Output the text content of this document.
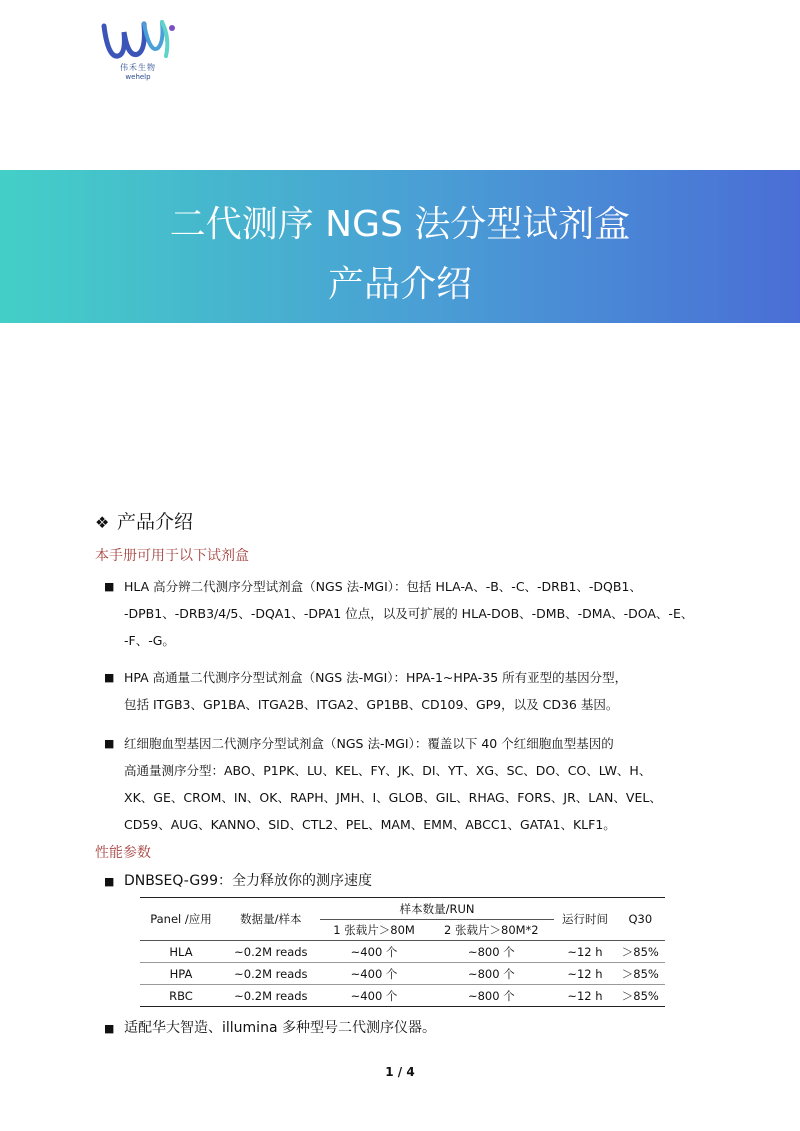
伟禾生物
wehelp
二代测序 NGS 法分型试剂盒
产品介绍
❖ 产品介绍
本手册可用于以下试剂盒
■ HLA 高分辨二代测序分型试剂盒（NGS 法-MGI）：包括 HLA-A、-B、-C、-DRB1、-DQB1、
-DPB1、-DRB3/4/5、-DQA1、-DPA1 位点，以及可扩展的 HLA-DOB、-DMB、-DMA、-DOA、-E、
-F、-G。
■ HPA 高通量二代测序分型试剂盒（NGS 法-MGI）：HPA-1~HPA-35 所有亚型的基因分型，
包括 ITGB3、GP1BA、ITGA2B、ITGA2、GP1BB、CD109、GP9，以及 CD36 基因。
■ 红细胞血型基因二代测序分型试剂盒（NGS 法-MGI）：覆盖以下 40 个红细胞血型基因的
高通量测序分型：ABO、P1PK、LU、KEL、FY、JK、DI、YT、XG、SC、DO、CO、LW、H、
XK、GE、CROM、IN、OK、RAPH、JMH、I、GLOB、GIL、RHAG、FORS、JR、LAN、VEL、
CD59、AUG、KANNO、SID、CTL2、PEL、MAM、EMM、ABCC1、GATA1、KLF1。
性能参数
■ DNBSEQ-G99：全力释放你的测序速度
Panel /应用	数据量/样本	样本数量/RUN		运行时间	Q30
		1 张载片＞80M	2 张载片＞80M*2		
HLA	~0.2M reads	~400 个	~800 个	~12 h	＞85%
HPA	~0.2M reads	~400 个	~800 个	~12 h	＞85%
RBC	~0.2M reads	~400 个	~800 个	~12 h	＞85%
■ 适配华大智造、illumina 多种型号二代测序仪器。
1 / 4
